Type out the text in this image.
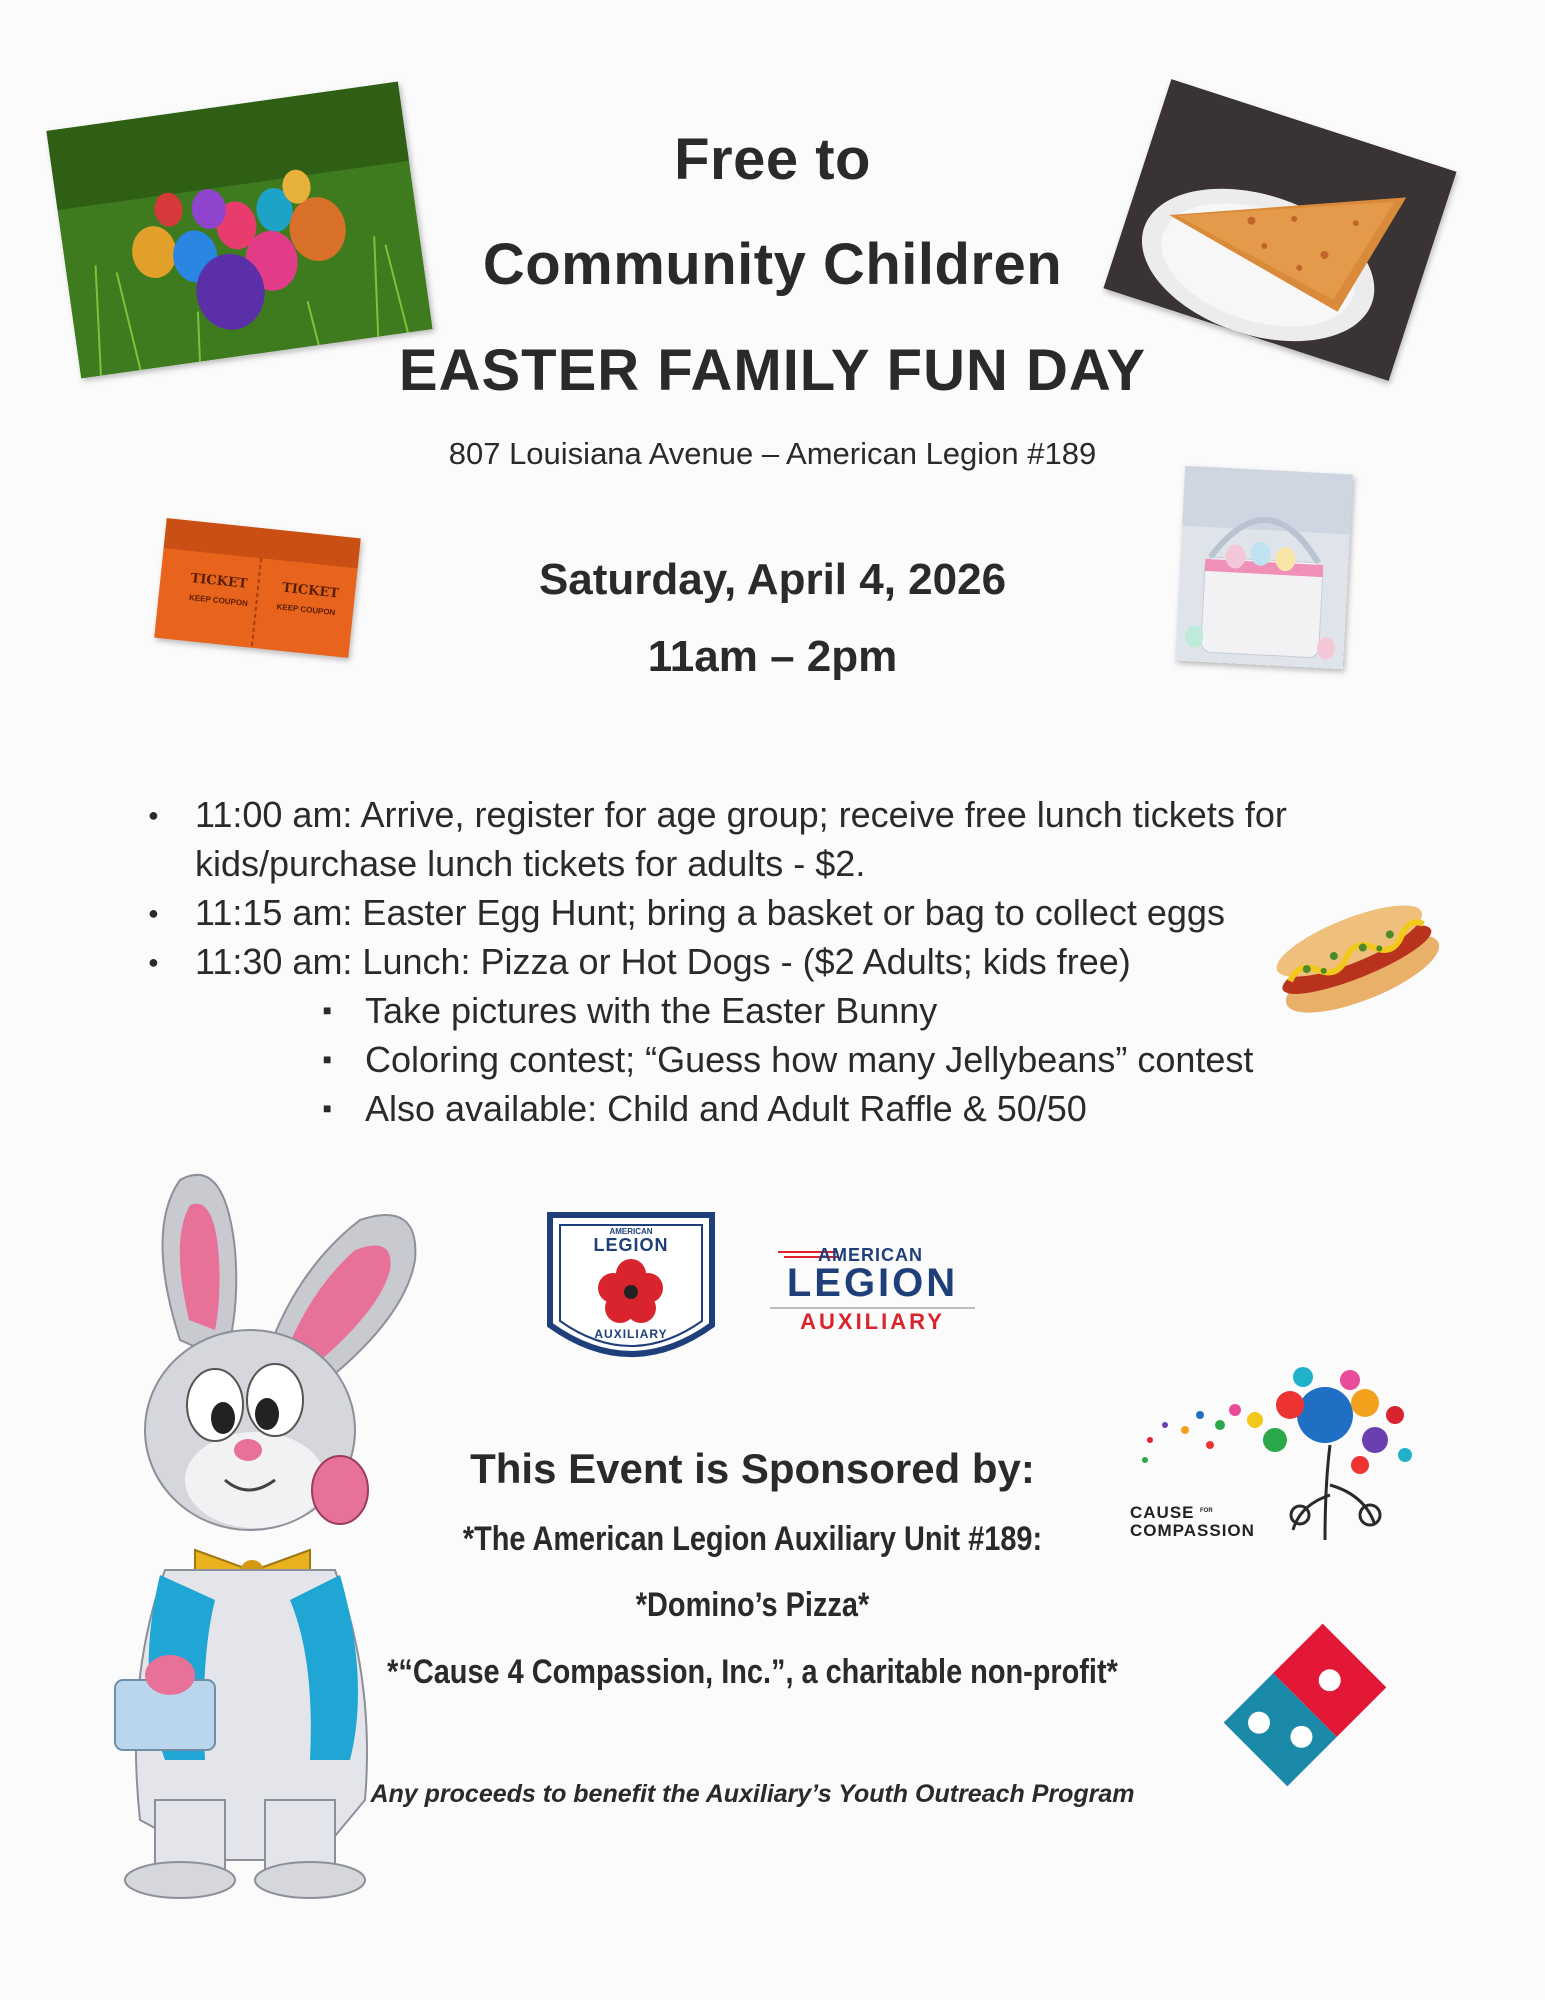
Free to
Community Children
EASTER FAMILY FUN DAY
807 Louisiana Avenue – American Legion #189
TICKET	TICKET
KEEP COUPON
KEEP COUPON
Saturday, April 4, 2026
11am – 2pm
● 11:00 am: Arrive, register for age group; receive free lunch tickets for kids/purchase lunch tickets for adults - $2.
● 11:15 am: Easter Egg Hunt; bring a basket or bag to collect eggs
● 11:30 am: Lunch: Pizza or Hot Dogs - ($2 Adults; kids free)
■ Take pictures with the Easter Bunny
■ Coloring contest; “Guess how many Jellybeans” contest
■ Also available: Child and Adult Raffle & 50/50
AMERICAN
LEGION
AUXILIARY
AMERICAN
LEGION
AUXILIARY
CAUSE FOR
COMPASSION
This Event is Sponsored by:
*The American Legion Auxiliary Unit #189:
*Domino’s Pizza*
*“Cause 4 Compassion, Inc.”, a charitable non-profit*
Any proceeds to benefit the Auxiliary’s Youth Outreach Program
